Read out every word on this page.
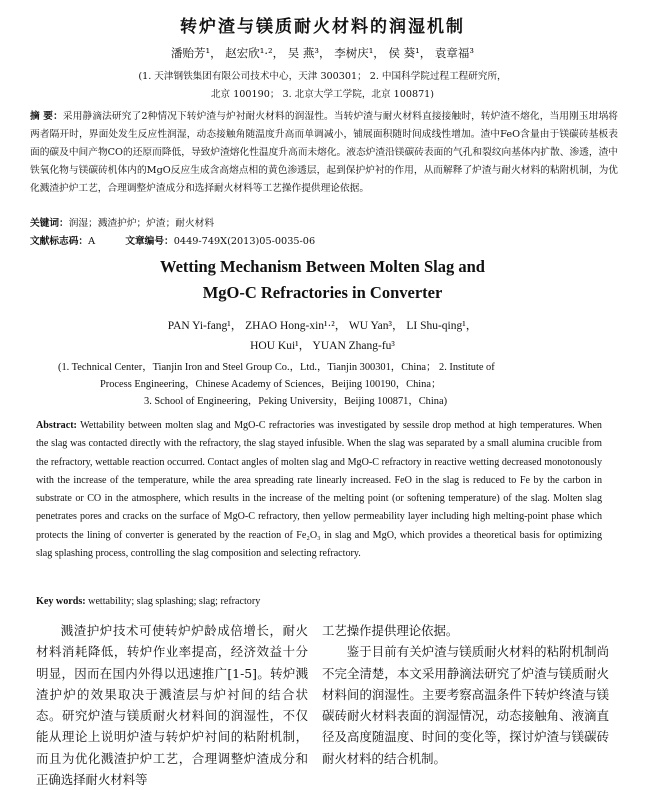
转炉渣与镁质耐火材料的润湿机制
潘贻芳¹， 赵宏欣¹·²， 吴 燕³， 李树庆¹， 侯 葵¹， 袁章福³
(1. 天津钢铁集团有限公司技术中心，天津 300301； 2. 中国科学院过程工程研究所，
北京 100190； 3. 北京大学工学院，北京 100871)
摘 要：采用静滴法研究了2种情况下转炉渣与炉衬耐火材料的润湿性。当转炉渣与耐火材料直接接触时，转炉渣不熔化，当用刚玉坩埚将两者隔开时，界面处发生反应性润湿，动态接触角随温度升高而单调减小，铺展面积随时间成线性增加。渣中FeO含量由于镁碳砖基板表面的碳及中间产物CO的还原而降低，导致炉渣熔化性温度升高而未熔化。液态炉渣沿镁碳砖表面的气孔和裂纹向基体内扩散、渗透，渣中铁氧化物与镁碳砖机体内的MgO反应生成含高熔点相的黄色渗透层，起到保护炉衬的作用，从而解释了炉渣与耐火材料的粘附机制，为优化溅渣护炉工艺，合理调整炉渣成分和选择耐火材料等工艺操作提供理论依据。
关键词：润湿；溅渣护炉；炉渣；耐火材料
文献标志码：A	文章编号：0449-749X(2013)05-0035-06
Wetting Mechanism Between Molten Slag and
MgO-C Refractories in Converter
PAN Yi-fang¹， ZHAO Hong-xin¹·²， WU Yan³， LI Shu-qing¹，
HOU Kui¹， YUAN Zhang-fu³
(1. Technical Center，Tianjin Iron and Steel Group Co.，Ltd.，Tianjin 300301，China； 2. Institute of
Process Engineering，Chinese Academy of Sciences，Beijing 100190，China；
3. School of Engineering，Peking University，Beijing 100871，China)
Abstract: Wettability between molten slag and MgO-C refractories was investigated by sessile drop method at high temperatures. When the slag was contacted directly with the refractory, the slag stayed infusible. When the slag was separated by a small alumina crucible from the refractory, wettable reaction occurred. Contact angles of molten slag and MgO-C refractory in reactive wetting decreased monotonously with the increase of the temperature, while the area spreading rate linearly increased. FeO in the slag is reduced to Fe by the carbon in substrate or CO in the atmosphere, which results in the increase of the melting point (or softening temperature) of the slag. Molten slag penetrates pores and cracks on the surface of MgO-C refractory, then yellow permeability layer including high melting-point phase which protects the lining of converter is generated by the reaction of Fe₂O₃ in slag and MgO, which provides a theoretical basis for optimizing slag splashing process, controlling the slag composition and selecting refractory.
Key words: wettability; slag splashing; slag; refractory
溅渣护炉技术可使转炉炉龄成倍增长，耐火材料消耗降低，转炉作业率提高，经济效益十分明显，因而在国内外得以迅速推广[1-5]。转炉溅渣护炉的效果取决于溅渣层与炉衬间的结合状态。研究炉渣与镁质耐火材料间的润湿性，不仅能从理论上说明炉渣与转炉炉衬间的粘附机制，而且为优化溅渣护炉工艺，合理调整炉渣成分和正确选择耐火材料等
工艺操作提供理论依据。
鉴于目前有关炉渣与镁质耐火材料的粘附机制尚不完全清楚，本文采用静滴法研究了炉渣与镁质耐火材料间的润湿性。主要考察高温条件下转炉终渣与镁碳砖耐火材料表面的润湿情况，动态接触角、液滴直径及高度随温度、时间的变化等，探讨炉渣与镁碳砖耐火材料的结合机制。
